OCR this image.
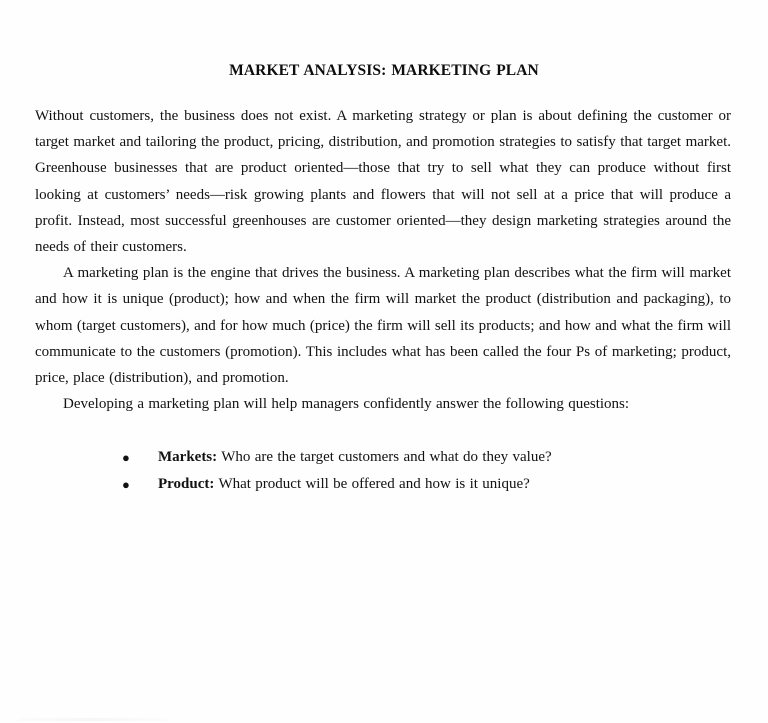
MARKET ANALYSIS: MARKETING PLAN

Without customers, the business does not exist. A marketing strategy or plan is about defining the customer or target market and tailoring the product, pricing, distribution, and promotion strategies to satisfy that target market. Greenhouse businesses that are product oriented—those that try to sell what they can produce without first looking at customers’ needs—risk growing plants and flowers that will not sell at a price that will produce a profit. Instead, most successful greenhouses are customer oriented—they design marketing strategies around the needs of their customers.

A marketing plan is the engine that drives the business. A marketing plan describes what the firm will market and how it is unique (product); how and when the firm will market the product (distribution and packaging), to whom (target customers), and for how much (price) the firm will sell its products; and how and what the firm will communicate to the customers (promotion). This includes what has been called the four Ps of marketing; product, price, place (distribution), and promotion.

Developing a marketing plan will help managers confidently answer the following questions:

● Markets: Who are the target customers and what do they value?
● Product: What product will be offered and how is it unique?
